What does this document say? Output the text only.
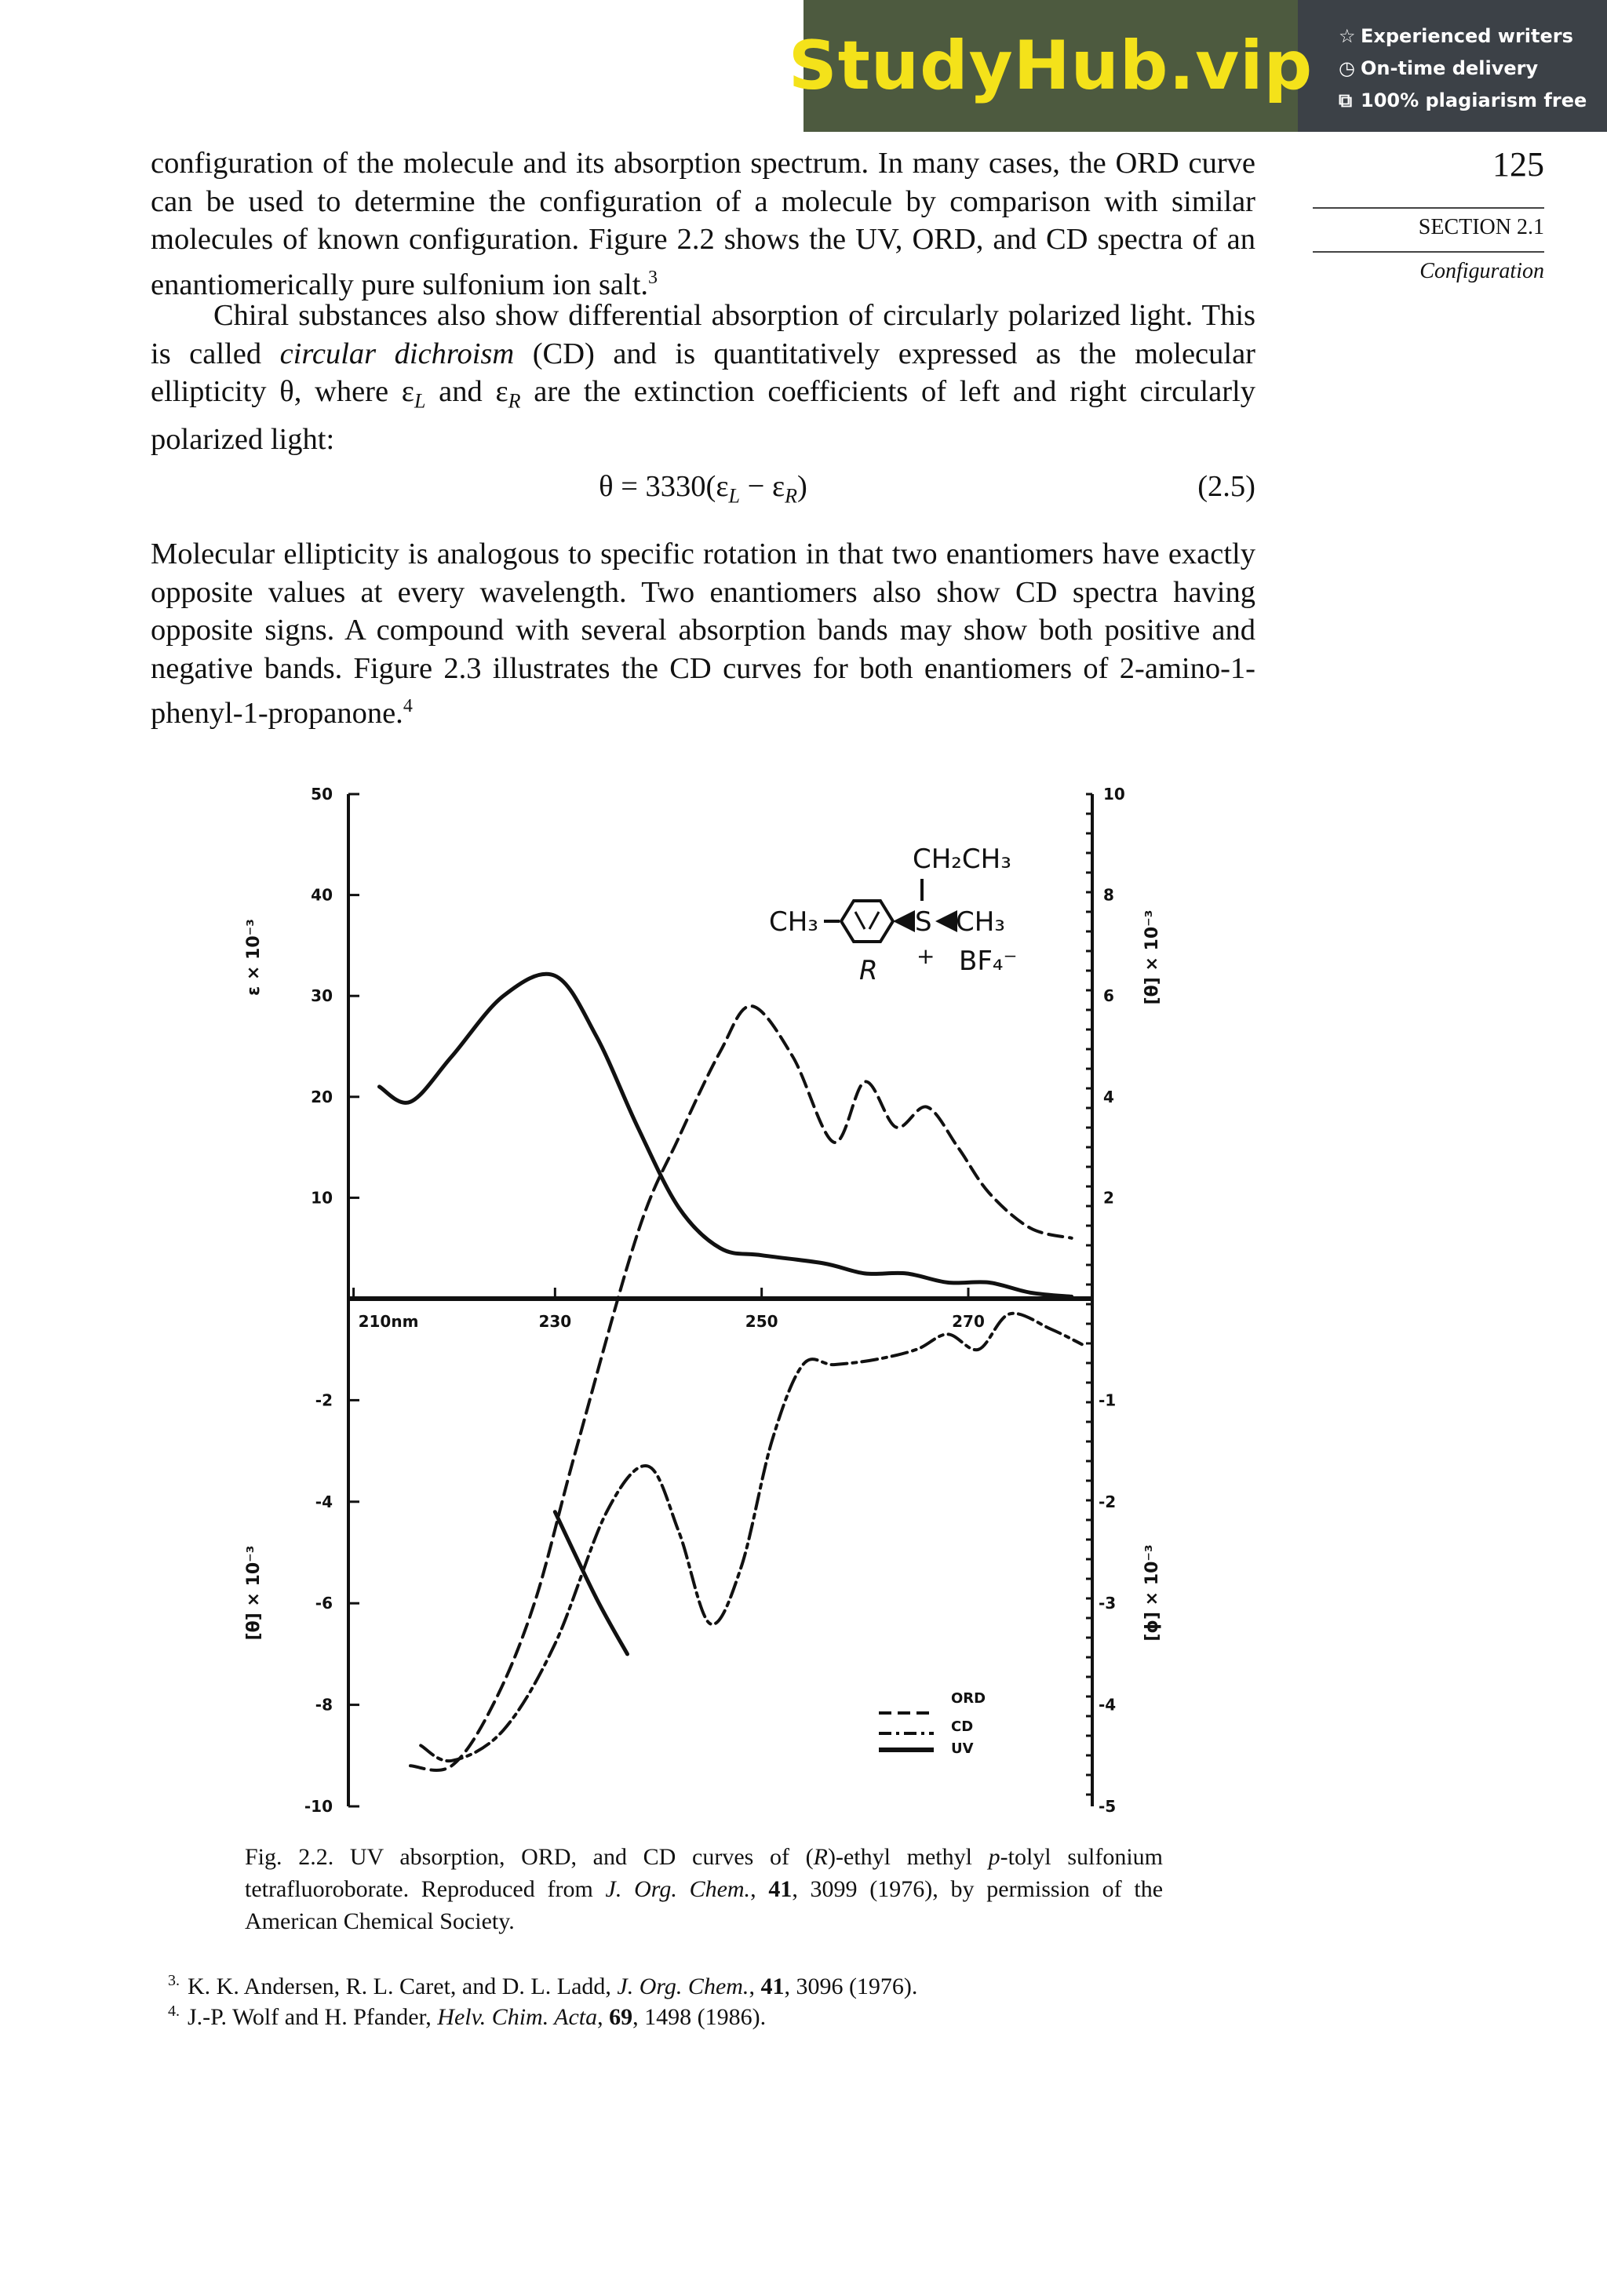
StudyHub.vip ☆ Experienced writers
◷ On-time delivery
⧉ 100% plagiarism free
125
SECTION 2.1
Configuration

configuration of the molecule and its absorption spectrum. In many cases, the ORD curve can be used to determine the configuration of a molecule by comparison with similar molecules of known configuration. Figure 2.2 shows the UV, ORD, and CD spectra of an enantiomerically pure sulfonium ion salt.$^3$

Chiral substances also show differential absorption of circularly polarized light. This is called circular dichroism (CD) and is quantitatively expressed as the molecular ellipticity θ, where $\varepsilon_L$ and $\varepsilon_R$ are the extinction coefficients of left and right circularly polarized light:

$\theta = 3330(\varepsilon_L - \varepsilon_R)$	(2.5)

Molecular ellipticity is analogous to specific rotation in that two enantiomers have exactly opposite values at every wavelength. Two enantiomers also show CD spectra having opposite signs. A compound with several absorption bands may show both positive and negative bands. Figure 2.3 illustrates the CD curves for both enantiomers of 2-amino-1-phenyl-1-propanone.$^4$

50
40
30
20
10
-2
-4
-6
-8
-10
10
8
6
4
2
-1
-2
-3
-4
-5
210nm	230	250	270
ε × 10⁻³
[θ] × 10⁻³
[θ] × 10⁻³
[ϕ] × 10⁻³
CH₂CH₃
CH₃	S CH₃
+
R	BF₄⁻
ORD
CD
UV

Fig. 2.2. UV absorption, ORD, and CD curves of (R)-ethyl methyl p-tolyl sulfonium tetrafluoroborate. Reproduced from J. Org. Chem., 41, 3099 (1976), by permission of the American Chemical Society.

$^{3.}$ K. K. Andersen, R. L. Caret, and D. L. Ladd, J. Org. Chem., 41, 3096 (1976).

$^{4.}$ J.-P. Wolf and H. Pfander, Helv. Chim. Acta, 69, 1498 (1986).
